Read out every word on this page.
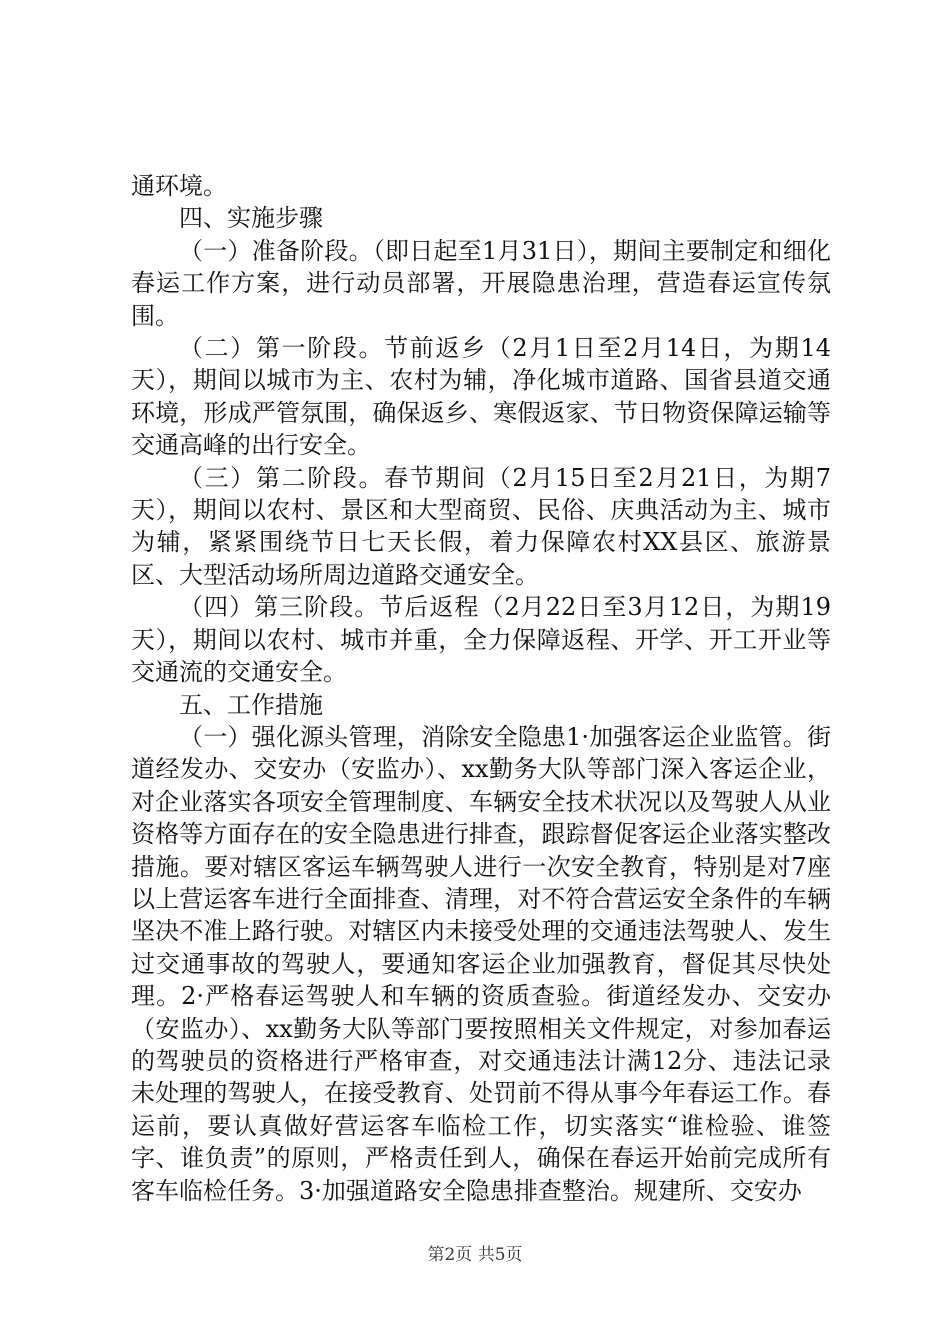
通环境。

四、实施步骤

（一）准备阶段。（即日起至1月31日），期间主要制定和细化春运工作方案，进行动员部署，开展隐患治理，营造春运宣传氛围。

（二）第一阶段。节前返乡（2月1日至2月14日，为期14天），期间以城市为主、农村为辅，净化城市道路、国省县道交通环境，形成严管氛围，确保返乡、寒假返家、节日物资保障运输等交通高峰的出行安全。

（三）第二阶段。春节期间（2月15日至2月21日，为期7天），期间以农村、景区和大型商贸、民俗、庆典活动为主、城市为辅，紧紧围绕节日七天长假，着力保障农村XX县区、旅游景区、大型活动场所周边道路交通安全。

（四）第三阶段。节后返程（2月22日至3月12日，为期19天），期间以农村、城市并重，全力保障返程、开学、开工开业等交通流的交通安全。

五、工作措施

（一）强化源头管理，消除安全隐患1·加强客运企业监管。街道经发办、交安办（安监办）、xx勤务大队等部门深入客运企业，对企业落实各项安全管理制度、车辆安全技术状况以及驾驶人从业资格等方面存在的安全隐患进行排查，跟踪督促客运企业落实整改措施。要对辖区客运车辆驾驶人进行一次安全教育，特别是对7座以上营运客车进行全面排查、清理，对不符合营运安全条件的车辆坚决不准上路行驶。对辖区内未接受处理的交通违法驾驶人、发生过交通事故的驾驶人，要通知客运企业加强教育，督促其尽快处理。2·严格春运驾驶人和车辆的资质查验。街道经发办、交安办（安监办）、xx勤务大队等部门要按照相关文件规定，对参加春运的驾驶员的资格进行严格审查，对交通违法计满12分、违法记录未处理的驾驶人，在接受教育、处罚前不得从事今年春运工作。春运前，要认真做好营运客车临检工作，切实落实“谁检验、谁签字、谁负责”的原则，严格责任到人，确保在春运开始前完成所有客车临检任务。3·加强道路安全隐患排查整治。规建所、交安办

第2页 共5页
